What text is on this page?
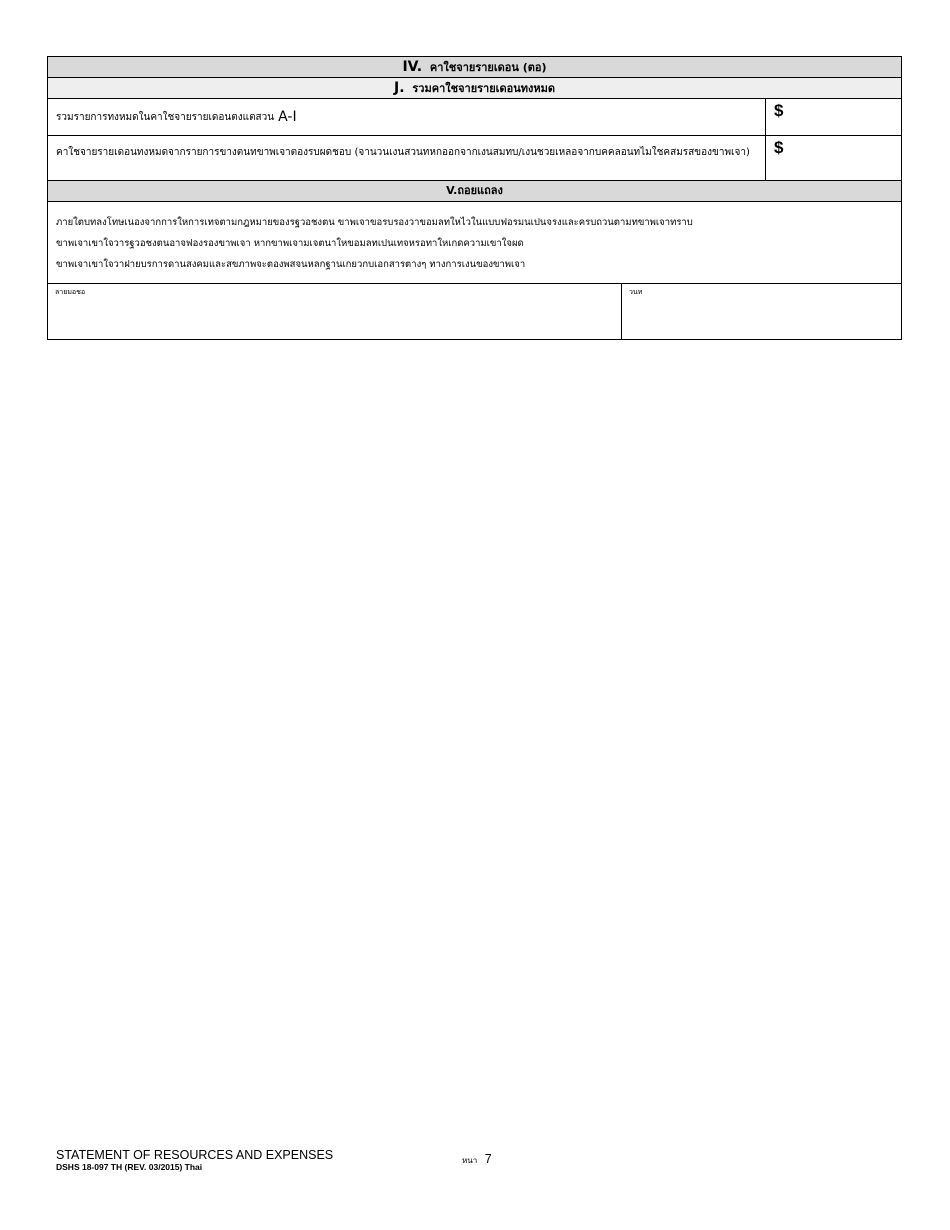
IV. คาใชจายรายเดอน (ตอ)
J. รวมคาใชจายรายเดอนทงหมด
รวมรายการทงหมดในคาใชจายรายเดอนตงแตสวน A-I	$
คาใชจายรายเดอนทงหมดจากรายการขางตนทขาพเจาตองรบผดชอบ (จานวนเงนสวนทหกออกจากเงนสมทบ/เงนชวยเหลอจากบคคลอนทไมใชคสมรสของขาพเจา)	$
V.ถอยแถลง
ภายใตบทลงโทษเนองจากการใหการเทจตามกฎหมายของรฐวอชงตน ขาพเจาขอรบรองวาขอมลทใหไวในแบบฟอรมนเปนจรงและครบถวนตามทขาพเจาทราบ
ขาพเจาเขาใจวารฐวอชงตนอาจฟองรองขาพเจา หากขาพเจามเจตนาใหขอมลทเปนเทจหรอทาใหเกดความเขาใจผด
ขาพเจาเขาใจวาฝายบรการดานสงคมและสขภาพจะตองพสจนหลกฐานเกยวกบเอกสารตางๆ ทางการเงนของขาพเจา
ลายมอชอ	วนท
STATEMENT OF RESOURCES AND EXPENSES
DSHS 18-097 TH (REV. 03/2015) Thai
หนา 7
